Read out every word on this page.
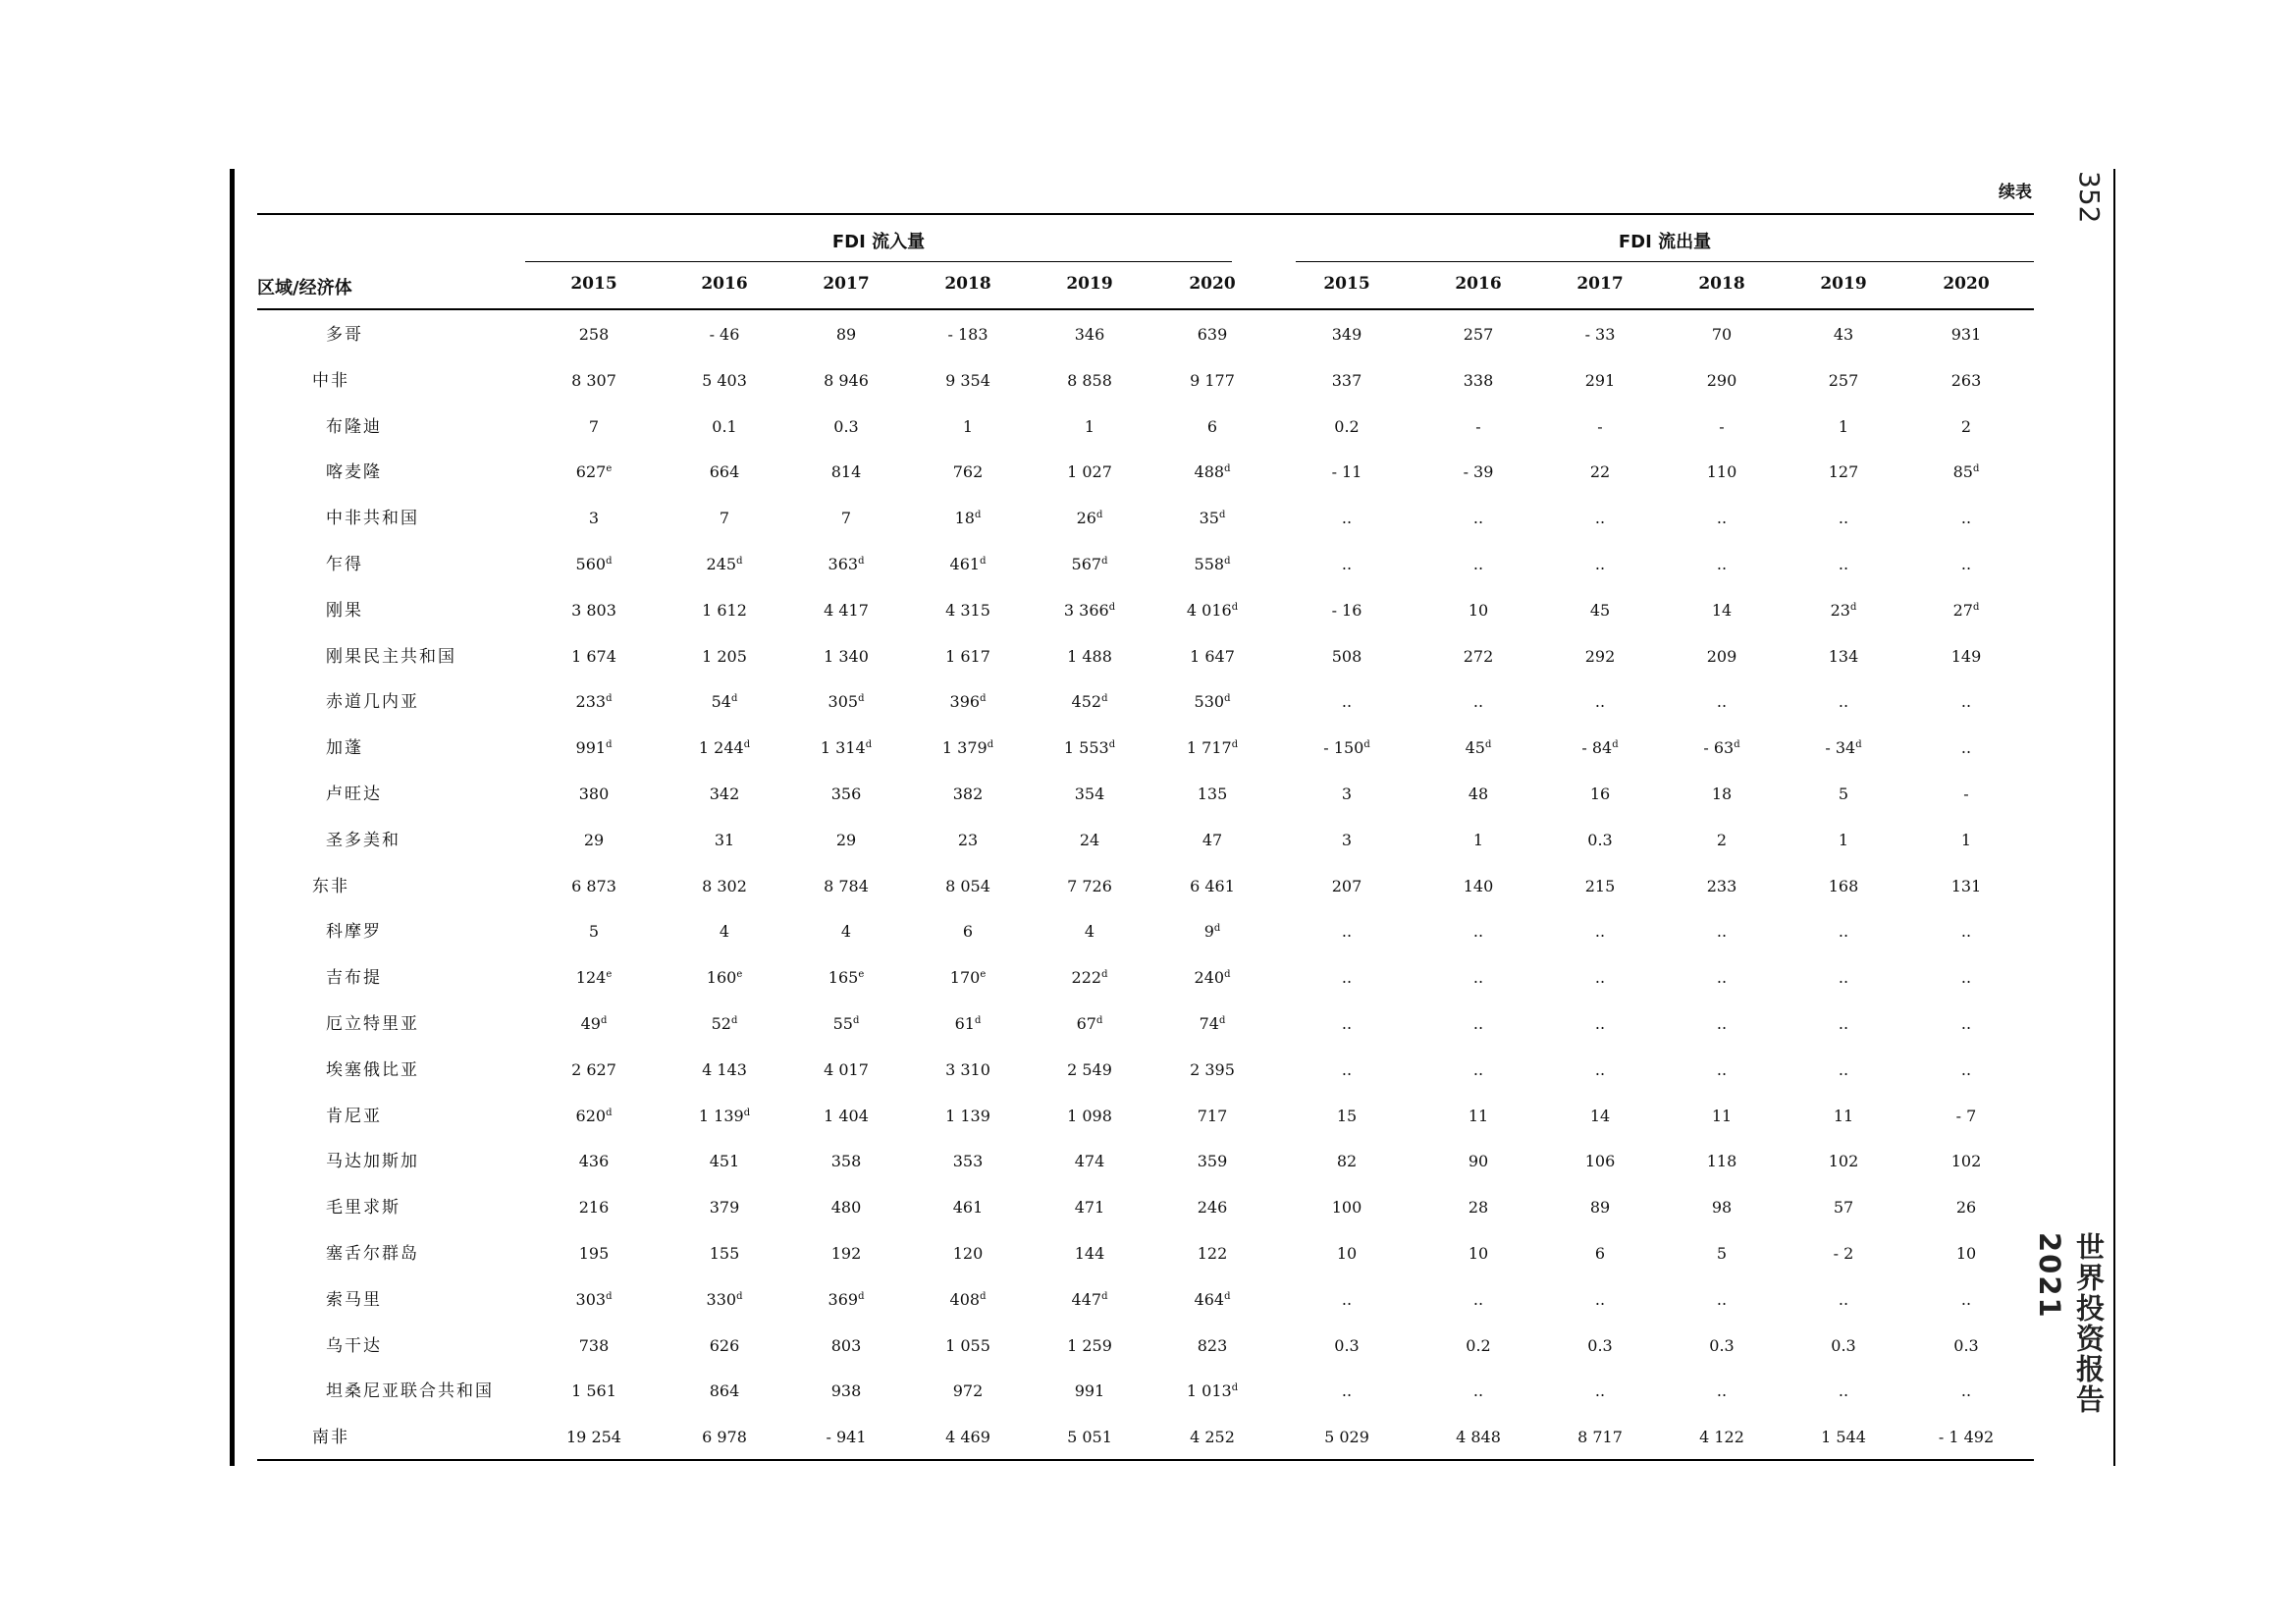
352
世界投资报告 2021
续表
FDI 流入量	FDI 流出量
区域/经济体	2015	2016	2017	2018	2019	2020	2015	2016	2017	2018	2019	2020
多哥	258	- 46	89	- 183	346	639	349	257	- 33	70	43	931
中非	8 307	5 403	8 946	9 354	8 858	9 177	337	338	291	290	257	263
布隆迪	7	0.1	0.3	1	1	6	0.2	-	-	-	1	2
喀麦隆	627e	664	814	762	1 027	488$^d$	- 11	- 39	22	110	127	85$^d$
中非共和国	3	7	7	18$^d$	26$^d$	35$^d$	..	..	..	..	..	..
乍得	560$^d$	245$^d$	363$^d$	461$^d$	567$^d$	558$^d$	..	..	..	..	..	..
刚果	3 803	1 612	4 417	4 315	3 366$^d$	4 016$^d$	- 16	10	45	14	23$^d$	27$^d$
刚果民主共和国	1 674	1 205	1 340	1 617	1 488	1 647	508	272	292	209	134	149
赤道几内亚	233$^d$	54$^d$	305$^d$	396$^d$	452$^d$	530$^d$	..	..	..	..	..	..
加蓬	991$^d$	1 244$^d$	1 314$^d$	1 379$^d$	1 553$^d$	1 717$^d$	- 150$^d$	45$^d$	- 84$^d$	- 63$^d$	- 34$^d$	..
卢旺达	380	342	356	382	354	135	3	48	16	18	5	-
圣多美和	29	31	29	23	24	47	3	1	0.3	2	1	1
东非	6 873	8 302	8 784	8 054	7 726	6 461	207	140	215	233	168	131
科摩罗	5	4	4	6	4	9$^d$	..	..	..	..	..	..
吉布提	124e	160e	165e	170e	222$^d$	240$^d$	..	..	..	..	..	..
厄立特里亚	49$^d$	52$^d$	55$^d$	61$^d$	67$^d$	74$^d$	..	..	..	..	..	..
埃塞俄比亚	2 627	4 143	4 017	3 310	2 549	2 395	..	..	..	..	..	..
肯尼亚	620$^d$	1 139$^d$	1 404	1 139	1 098	717	15	11	14	11	11	- 7
马达加斯加	436	451	358	353	474	359	82	90	106	118	102	102
毛里求斯	216	379	480	461	471	246	100	28	89	98	57	26
塞舌尔群岛	195	155	192	120	144	122	10	10	6	5	- 2	10
索马里	303$^d$	330$^d$	369$^d$	408$^d$	447$^d$	464$^d$	..	..	..	..	..	..
乌干达	738	626	803	1 055	1 259	823	0.3	0.2	0.3	0.3	0.3	0.3
坦桑尼亚联合共和国	1 561	864	938	972	991	1 013$^d$	..	..	..	..	..	..
南非	19 254	6 978	- 941	4 469	5 051	4 252	5 029	4 848	8 717	4 122	1 544	- 1 492
